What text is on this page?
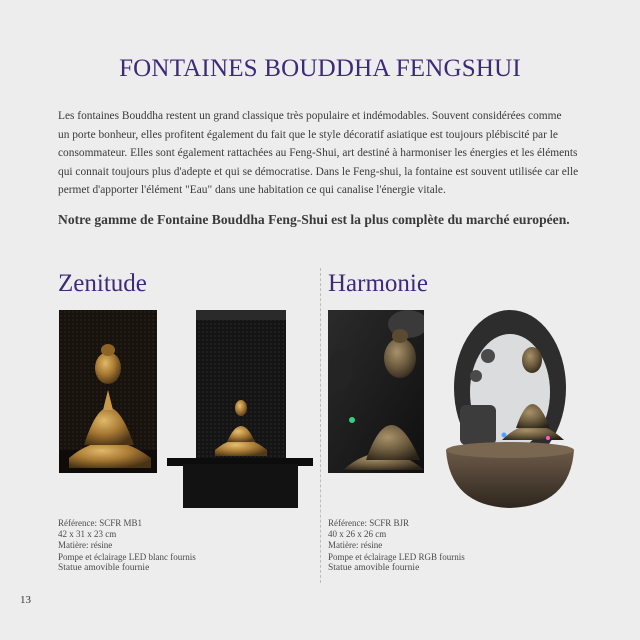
FONTAINES BOUDDHA FENGSHUI

Les fontaines Bouddha restent un grand classique très populaire et indémodables. Souvent considérées comme

un porte bonheur, elles profitent également du fait que le style décoratif asiatique est toujours plébiscité par le

consommateur. Elles sont également rattachées au Feng-Shui, art destiné à harmoniser les énergies et les éléments

qui connait toujours plus d'adepte et qui se démocratise. Dans le Feng-shui, la fontaine est souvent utilisée car elle

permet d'apporter l'élément "Eau" dans une habitation ce qui canalise l'énergie vitale.

Notre gamme de Fontaine Bouddha Feng-Shui est la plus complète du marché européen.
Zenitude	Harmonie
Référence: SCFR MB1
42 x 31 x 23 cm
Matière: résine
Pompe et éclairage LED blanc fournis
Statue amovible fournie
Référence: SCFR BJR
40 x 26 x 26 cm
Matière: résine
Pompe et éclairage LED RGB fournis
Statue amovible fournie
13
